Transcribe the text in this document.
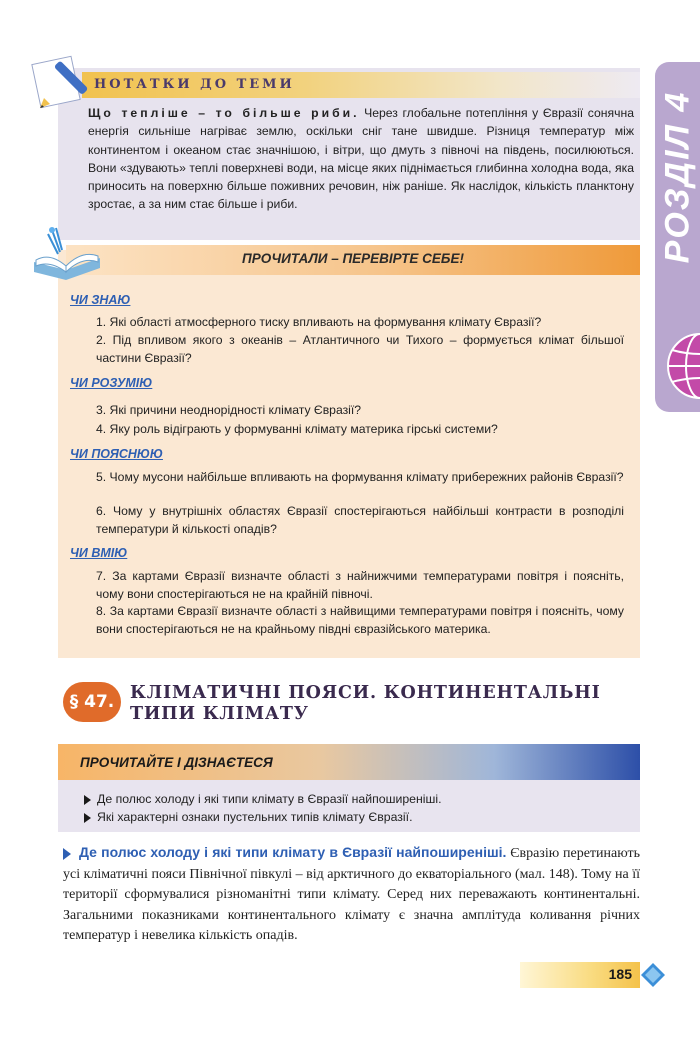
РОЗДІЛ 4
НОТАТКИ ДО ТЕМИ
Що тепліше – то більше риби. Через глобальне потепління у Євразії сонячна енергія сильніше нагріває землю, оскільки сніг тане швидше. Різниця температур між континентом і океаном стає значнішою, і вітри, що дмуть з півночі на південь, посилюються. Вони «здувають» теплі поверхневі води, на місце яких піднімається глибинна холодна вода, яка приносить на поверхню більше поживних речовин, ніж раніше. Як наслідок, кількість планктону зростає, а за ним стає більше і риби.
ПРОЧИТАЛИ – ПЕРЕВІРТЕ СЕБЕ!
ЧИ ЗНАЮ
1. Які області атмосферного тиску впливають на формування клімату Євразії?
2. Під впливом якого з океанів – Атлантичного чи Тихого – формується клімат більшої частини Євразії?
ЧИ РОЗУМІЮ
3. Які причини неоднорідності клімату Євразії?
4. Яку роль відіграють у формуванні клімату материка гірські системи?
ЧИ ПОЯСНЮЮ
5. Чому мусони найбільше впливають на формування клімату прибережних районів Євразії?
6. Чому у внутрішніх областях Євразії спостерігаються найбільші контрасти в розподілі температури й кількості опадів?
ЧИ ВМІЮ
7. За картами Євразії визначте області з найнижчими температурами повітря і поясніть, чому вони спостерігаються не на крайній півночі.
8. За картами Євразії визначте області з найвищими температурами повітря і поясніть, чому вони спостерігаються не на крайньому півдні євразійського материка.
§ 47. КЛІМАТИЧНІ ПОЯСИ. КОНТИНЕНТАЛЬНІ ТИПИ КЛІМАТУ
ПРОЧИТАЙТЕ І ДІЗНАЄТЕСЯ
Де полюс холоду і які типи клімату в Євразії найпоширеніші.
Які характерні ознаки пустельних типів клімату Євразії.
Де полюс холоду і які типи клімату в Євразії найпоширеніші. Євразію перетинають усі кліматичні пояси Північної півкулі – від арктичного до екваторіального (мал. 148). Тому на її території сформувалися різноманітні типи клімату. Серед них переважають континентальні. Загальними показниками континентального клімату є значна амплітуда коливання річних температур і невелика кількість опадів.
185
